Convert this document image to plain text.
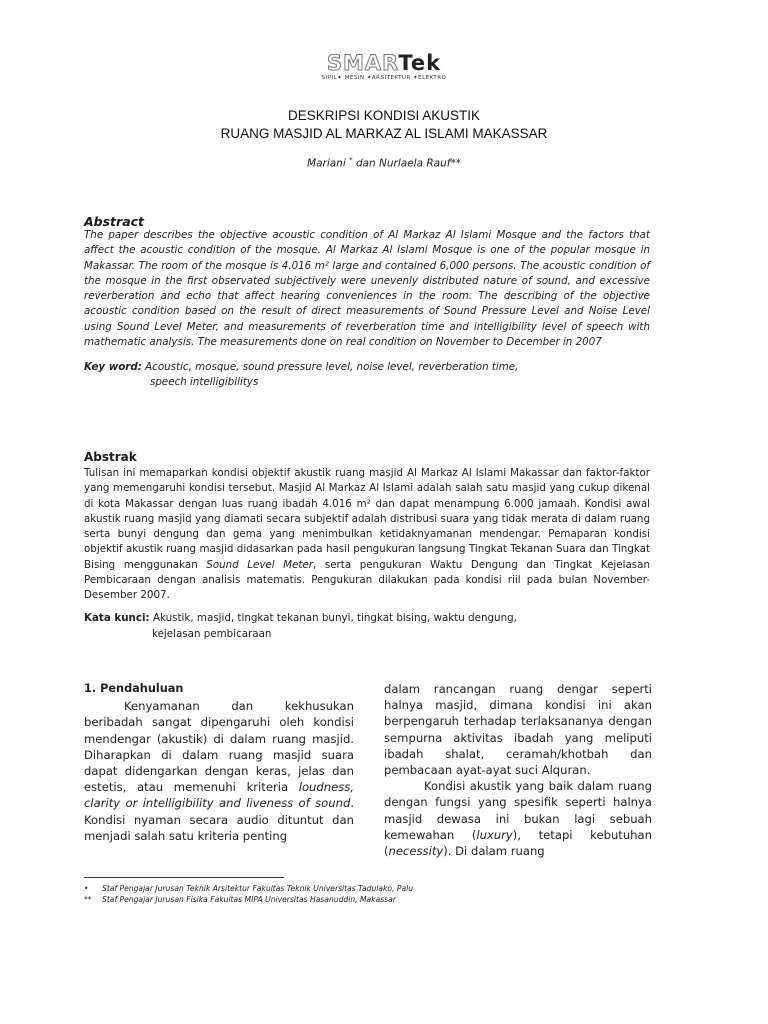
SMARTek
SIPIL✦ MESIN ✦ARSITEKTUR ✦ELEKTRO
DESKRIPSI KONDISI AKUSTIK
RUANG MASJID AL MARKAZ AL ISLAMI MAKASSAR
Mariani * dan Nurlaela Rauf**
Abstract
The paper describes the objective acoustic condition of Al Markaz Al Islami Mosque and the factors that affect the acoustic condition of the mosque. Al Markaz Al Islami Mosque is one of the popular mosque in Makassar. The room of the mosque is 4.016 m² large and contained 6,000 persons. The acoustic condition of the mosque in the first observated subjectively were unevenly distributed nature of sound, and excessive reverberation and echo that affect hearing conveniences in the room. The describing of the objective acoustic condition based on the result of direct measurements of Sound Pressure Level and Noise Level using Sound Level Meter, and measurements of reverberation time and intelligibility level of speech with mathematic analysis. The measurements done on real condition on November to December in 2007
Key word: Acoustic, mosque, sound pressure level, noise level, reverberation time,
speech intelligibilitys
Abstrak
Tulisan ini memaparkan kondisi objektif akustik ruang masjid Al Markaz Al Islami Makassar dan faktor-faktor yang memengaruhi kondisi tersebut. Masjid Al Markaz Al Islami adalah salah satu masjid yang cukup dikenal di kota Makassar dengan luas ruang ibadah 4.016 m² dan dapat menampung 6.000 jamaah. Kondisi awal akustik ruang masjid yang diamati secara subjektif adalah distribusi suara yang tidak merata di dalam ruang serta bunyi dengung dan gema yang menimbulkan ketidaknyamanan mendengar. Pemaparan kondisi objektif akustik ruang masjid didasarkan pada hasil pengukuran langsung Tingkat Tekanan Suara dan Tingkat Bising menggunakan Sound Level Meter, serta pengukuran Waktu Dengung dan Tingkat Kejelasan Pembicaraan dengan analisis matematis. Pengukuran dilakukan pada kondisi riil pada bulan November-Desember 2007.
Kata kunci: Akustik, masjid, tingkat tekanan bunyi, tingkat bising, waktu dengung,
kejelasan pembicaraan
1. Pendahuluan

Kenyamanan dan kekhusukan beribadah sangat dipengaruhi oleh kondisi mendengar (akustik) di dalam ruang masjid. Diharapkan di dalam ruang masjid suara dapat didengarkan dengan keras, jelas dan estetis, atau memenuhi kriteria loudness, clarity or intelligibility and liveness of sound. Kondisi nyaman secara audio dituntut dan menjadi salah satu kriteria penting

dalam rancangan ruang dengar seperti halnya masjid, dimana kondisi ini akan berpengaruh terhadap terlaksananya dengan sempurna aktivitas ibadah yang meliputi ibadah shalat, ceramah/khotbah dan pembacaan ayat-ayat suci Alquran.

Kondisi akustik yang baik dalam ruang dengan fungsi yang spesifik seperti halnya masjid dewasa ini bukan lagi sebuah kemewahan (luxury), tetapi kebutuhan (necessity). Di dalam ruang

•	Staf Pengajar Jurusan Teknik Arsitektur Fakultas Teknik Universitas Tadulako, Palu
**	Staf Pengajar Jurusan Fisika Fakultas MIPA Universitas Hasanuddin, Makassar
